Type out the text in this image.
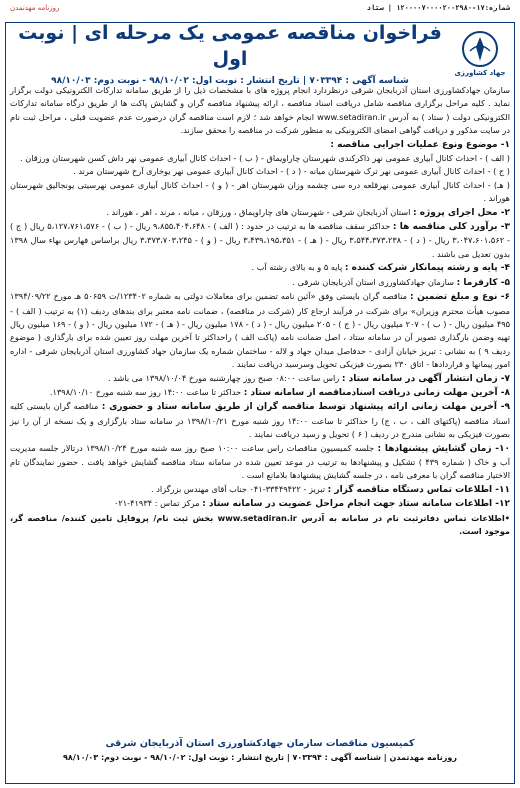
شماره:۱۷-۱۲۰۰۰۰۷۰۰۰۰۲۰۰۲۹۸۰ | ستاد
روزنامه مهدتمدن
جهاد کشاورزی
فراخوان مناقصه عمومی یک مرحله ای | نوبت اول
شناسه آگهی : ۷۰۳۳۹۴ | تاریخ انتشار : نوبت اول: ۹۸/۱۰/۰۲ - نوبت دوم: ۹۸/۱۰/۰۳

سازمان جهادکشاورزی استان آذربایجان شرقی درنظردارد انجام پروژه های با مشخصات ذیل را از طریق سامانه تدارکات الکترونیکی دولت برگزار نماید . کلیه مراحل برگزاری مناقصه شامل دریافت اسناد مناقصه ، ارائه پیشنهاد مناقصه گران و گشایش پاکت ها از طریق درگاه سامانه تدارکات الکترونیکی دولت ( ستاد ) به آدرس www.setadiran.ir انجام خواهد شد ؛ لازم است مناقصه گران درصورت عدم عضویت قبلی ، مراحل ثبت نام در سایت مذکور و دریافت گواهی امضای الکترونیکی به منظور شرکت در مناقصه را محقق سازند.

۱- موضوع ونوع عملیات اجرایی مناقصه :

( الف ) - احداث کانال آبیاری عمومی نهر ذاکرکندی شهرستان چاراویماق - ( ب ) - احداث کانال آبیاری عمومی نهر داش کسن شهرستان ورزقان .

( ج ) - احداث کانال آبیاری عمومی نهر ترک شهرستان میانه - ( د ) - احداث کانال آبیاری عمومی نهر یوخاری آرخ شهرستان مرند .

( هـ) - احداث کانال آبیاری عمومی نهرقلعه دره سی چشمه وزان شهرستان اهر - ( و ) - احداث کانال آبیاری عمومی نهرسیتی یونجالیق شهرستان هوراند .

۲- محل اجرای پروژه : استان آذربایجان شرقی - شهرستان های چاراویماق ، ورزقان ، میانه ، مرند ، اهر ، هوراند .

۳- برآورد کلی مناقصه ها : حداکثر سقف مناقصه ها به ترتیب در حدود : ( الف ) - ۹،۸۵۵،۴۰۴،۶۴۸ ریال - ( ب ) - ۵،۱۲۷،۷۶۱،۵۷۶ ریال ( ج ) - ۳،۰۴۷،۶۰۱،۵۶۲ ریال - ( د ) - ۳،۵۴۴،۳۷۳،۲۳۸ ریال - ( هـ ) - ۳،۴۳۹،۱۹۵،۳۵۱ ریال - ( و ) - ۳،۳۷۳،۷۰۳،۲۴۵ ریال براساس فهارس بهاء سال ۱۳۹۸ بدون تعدیل می باشند .

۴- پایه و رشته پیمانکار شرکت کننده : پایه ۵ و به بالای رشته آب .

۵- کارفرما : سازمان جهادکشاورزی استان آذربایجان شرقی .

۶- نوع و مبلغ تضمین : مناقصه گران بایستی وفق «آئین نامه تضمین برای معاملات دولتی به شماره ۱۲۳۴۰۲/ت ۵۰۶۵۹ هـ مورخ ۱۳۹۴/۰۹/۲۲ مصوب هیأت محترم وزیران» برای شرکت در فرآیند ارجاع کار (شرکت در مناقصه) ، ضمانت نامه معتبر برای بندهای ردیف (۱) به ترتیب ( الف ) - ۴۹۵ میلیون ریال - ( ب ) - ۲۰۷ میلیون ریال - ( ج ) - ۲۰۵ میلیون ریال - ( د ) - ۱۷۸ میلیون ریال - ( هـ ) - ۱۷۲ میلیون ریال - ( و ) - ۱۶۹ میلیون ریال تهیه وضمن بارگذاری تصویر آن در سامانه ستاد ، اصل ضمانت نامه (پاکت الف ) راحداکثر تا آخرین مهلت روز تعیین شده برای بارگذاری ( موضوع ردیف ۹ ) به نشانی : تبریز خیابان آزادی - حدفاصل میدان جهاد و لاله - ساختمان شماره یک سازمان جهاد کشاورزی استان آذربایجان شرقی - اداره امور پیمانها و قراردادها - اتاق ۲۳۰ بصورت فیزیکی تحویل وسرسید دریافت نمایند .

۷- زمان انتشار آگهی در سامانه ستاد : راس ساعت ۰۸:۰۰ صبح روز چهارشنبه مورخ ۱۳۹۸/۱۰/۰۴ می باشد .

۸- آخرین مهلت زمانی دریافت اسنادمناقصه از سامانه ستاد : حداکثر تا ساعت ۱۴:۰۰ روز سه شنبه مورخ ۱۳۹۸/۱۰/۱۰.

۹- آخرین مهلت زمانی ارائه پیشنهاد توسط مناقصه گران از طریق سامانه ستاد و حضوری : مناقصه گران بایستی کلیه اسناد مناقصه (پاکتهای الف ، ب ، ج) را حداکثر تا ساعت ۱۴:۰۰ روز شنبه مورخ ۱۳۹۸/۱۰/۲۱ در سامانه ستاد بارگزاری و یک نسخه از آن را نیز بصورت فیزیکی به نشانی مندرج در ردیف ( ۶ ) تحویل و رسید دریافت نمایند .

۱۰- زمان گشایش پیشنهادها : جلسه کمیسیون مناقصات راس ساعت ۱۰:۰۰ صبح روز سه شنبه مورخ ۱۳۹۸/۱۰/۲۴ درتالار جلسه مدیریت آب و خاک ( شماره ۴۳۹ ) تشکیل و پیشنهادها به ترتیب در موعد تعیین شده در سامانه ستاد مناقصه گشایش خواهد یافت . حضور نمایندگان تام الاختیار مناقصه گران با معرفی نامه ، در جلسه گشایش پیشنهادها بلامانع است .

۱۱- اطلاعات تماس دستگاه مناقصه گزار : تبریز - ۳۳۴۴۹۴۲۲-۰۴۱ جناب آقای مهندس بزرگزاد .

۱۲- اطلاعات سامانه ستاد جهت انجام مراحل عضویت در سامانه ستاد : مرکز تماس : ۴۱۹۳۴-۰۲۱

•اطلاعات تماس دفاترثبت نام در سامانه به آدرس www.setadiran.ir بخش ثبت نام/ پروفایل تامین کننده/ مناقصه گر، موجود است.

کمیسیون مناقصات سازمان جهادکشاورزی استان آذربایجان شرقی
روزنامه مهدتمدن | شناسه آگهی : ۷۰۳۳۹۴ | تاریخ انتشار : نوبت اول: ۹۸/۱۰/۰۲ - نوبت دوم: ۹۸/۱۰/۰۳
